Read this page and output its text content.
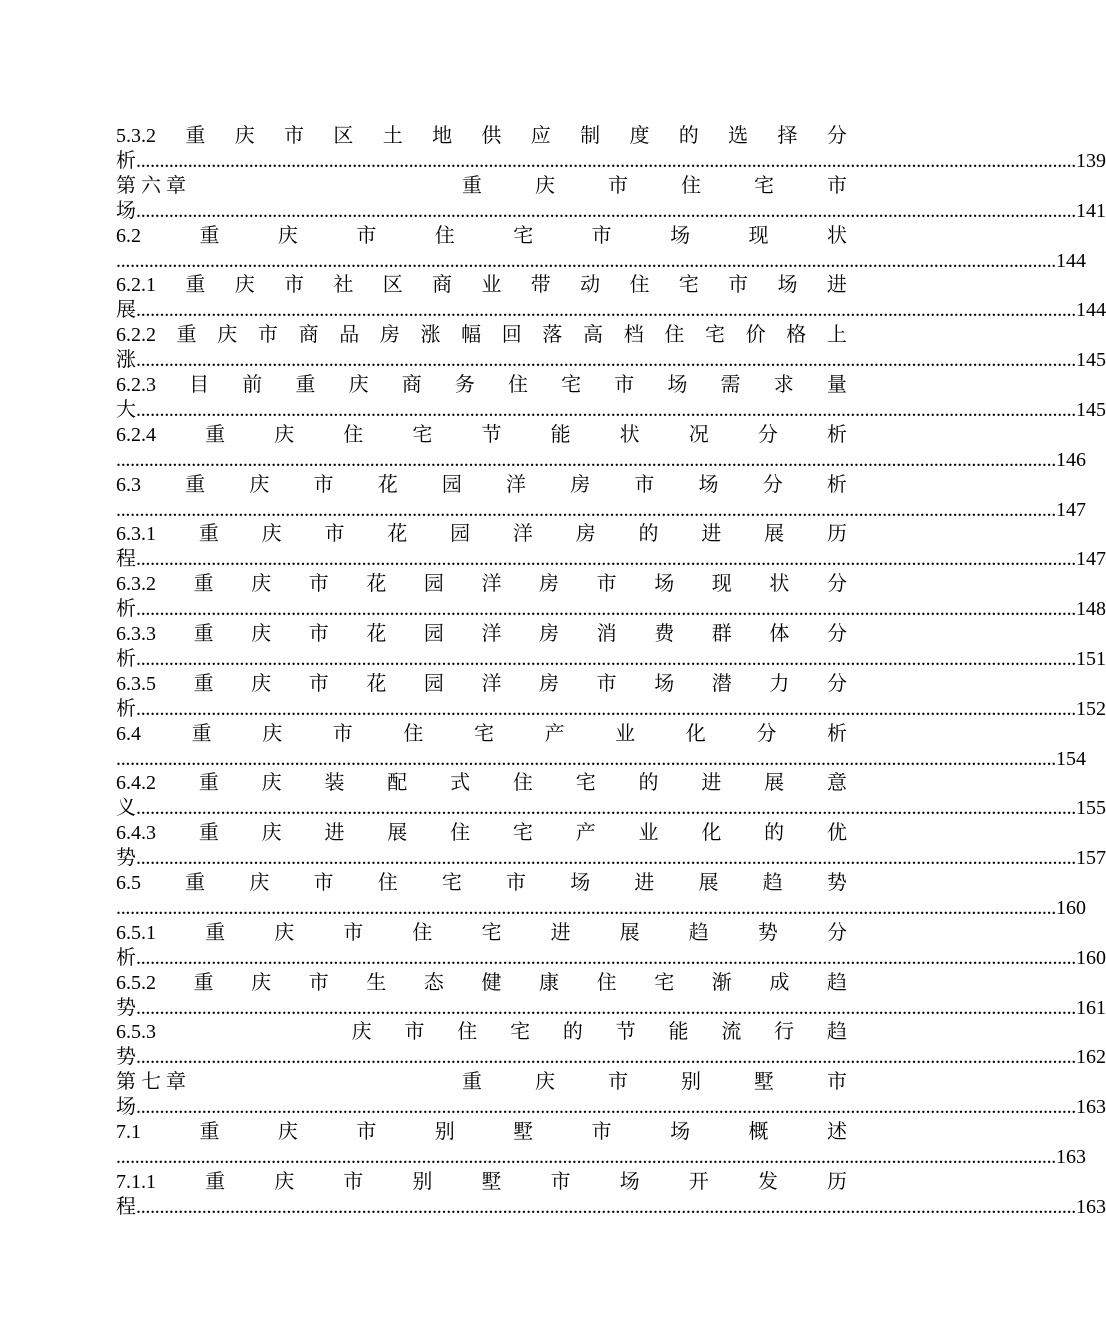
5.3.2 重 庆 市 区 土 地 供 应 制 度 的 选 择 分
析 ........................................................................................................................................................................................................ 139
第 六 章	重	庆	市	住	宅	市
场 ........................................................................................................................................................................................................ 141
6.2	重	庆	市	住	宅	市	场	现	状
........................................................................................................................................................................................................ 144
6.2.1 重 庆 市 社 区 商 业 带 动 住 宅 市 场 进
展 ........................................................................................................................................................................................................ 144
6.2.2 重 庆 市 商 品 房 涨 幅 回 落 高 档 住 宅 价 格 上
涨 ........................................................................................................................................................................................................ 145
6.2.3 目 前 重 庆 商 务 住 宅 市 场 需 求 量
大 ........................................................................................................................................................................................................ 145
6.2.4 重 庆 住 宅 节 能 状 况 分 析
........................................................................................................................................................................................................ 146
6.3 重 庆 市 花 园 洋 房 市 场 分 析
........................................................................................................................................................................................................ 147
6.3.1 重 庆 市 花 园 洋 房 的 进 展 历
程 ........................................................................................................................................................................................................ 147
6.3.2 重 庆 市 花 园 洋 房 市 场 现 状 分
析 ........................................................................................................................................................................................................ 148
6.3.3 重 庆 市 花 园 洋 房 消 费 群 体 分
析 ........................................................................................................................................................................................................ 151
6.3.5 重 庆 市 花 园 洋 房 市 场 潜 力 分
析 ........................................................................................................................................................................................................ 152
6.4	重	庆	市	住	宅	产	业	化	分	析
........................................................................................................................................................................................................ 154
6.4.2 重 庆 装 配 式 住 宅 的 进 展 意
义 ........................................................................................................................................................................................................ 155
6.4.3 重 庆 进 展 住 宅 产 业 化 的 优
势 ........................................................................................................................................................................................................ 157
6.5 重 庆 市 住 宅 市 场 进 展 趋 势
........................................................................................................................................................................................................ 160
6.5.1 重 庆 市 住 宅 进 展 趋 势 分
析 ........................................................................................................................................................................................................ 160
6.5.2 重 庆 市 生 态 健 康 住 宅 渐 成 趋
势 ........................................................................................................................................................................................................ 161
6.5.3	庆 市 住 宅 的 节 能 流 行 趋
势 ........................................................................................................................................................................................................ 162
第 七 章	重	庆	市	别	墅	市
场 ........................................................................................................................................................................................................ 163
7.1	重	庆	市	别	墅	市	场	概	述
........................................................................................................................................................................................................ 163
7.1.1 重 庆 市 别 墅 市 场 开 发 历
程 ........................................................................................................................................................................................................ 163
